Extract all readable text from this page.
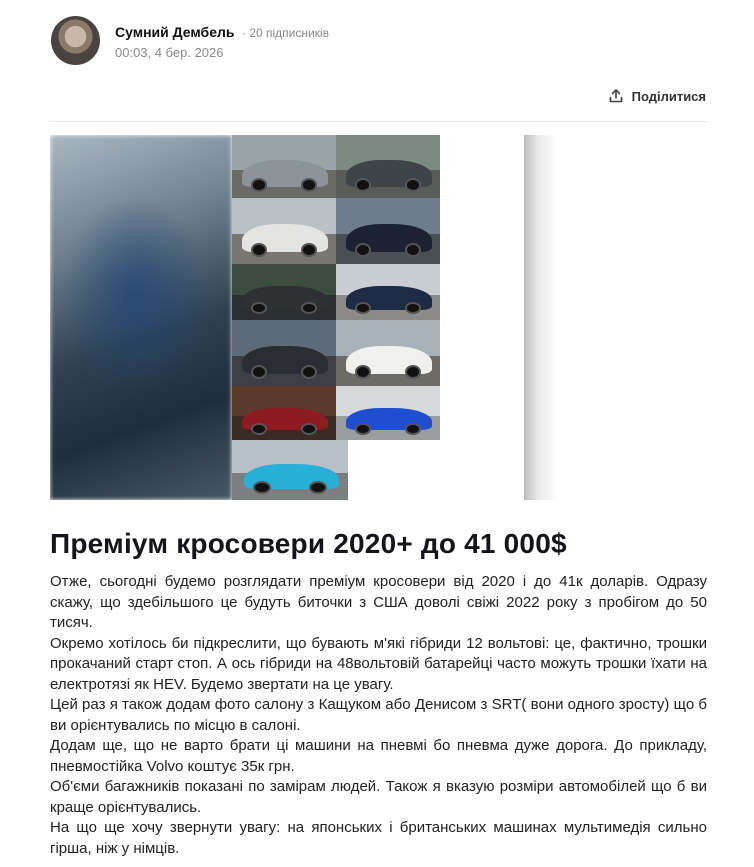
Сумний Дембель · 20 підписників
00:03, 4 бер. 2026
Поділитися
Преміум кросовери 2020+ до 41 000$

Отже, сьогодні будемо розглядати преміум кросовери від 2020 і до 41к доларів. Одразу скажу, що здебільшого це будуть биточки з США доволі свіжі 2022 року з пробігом до 50 тисяч.

Окремо хотілось би підкреслити, що бувають м'які гібриди 12 вольтові: це, фактично, трошки прокачаний старт стоп. А ось гібриди на 48вольтовій батарейці часто можуть трошки їхати на електротязі як HEV. Будемо звертати на це увагу.

Цей раз я також додам фото салону з Кащуком або Денисом з SRT( вони одного зросту) що б ви орієнтувались по місцю в салоні.

Додам ще, що не варто брати ці машини на пневмі бо пневма дуже дорога. До прикладу, пневмостійка Volvo коштує 35к грн.

Об'єми багажників показані по замірам людей. Також я вказую розміри автомобілей що б ви краще орієнтувались.

На що ще хочу звернути увагу: на японських і британських машинах мультимедія сильно гірша, ніж у німців.
